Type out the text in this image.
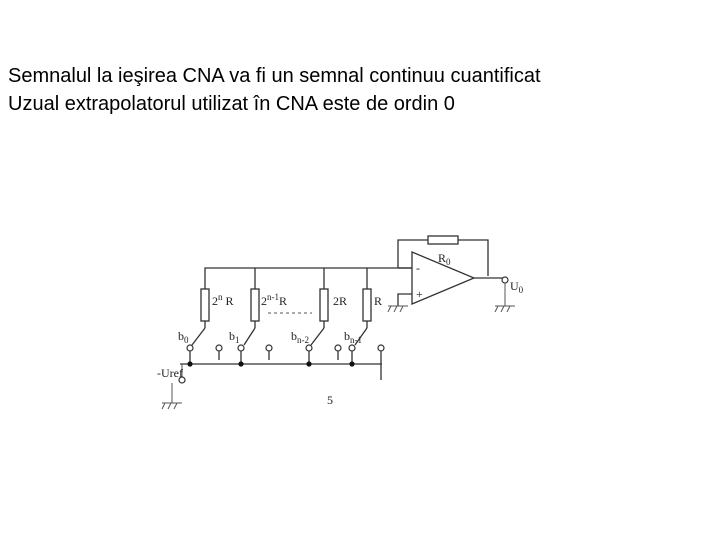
Semnalul la ieşirea CNA va fi un semnal continuu cuantificat
Uzual extrapolatorul utilizat în CNA este de ordin 0
$R_0$
-
+
$U_0$
2$^n$ R 2$^{n-1}$R	2R R
$b_0$	$b_1$	$b_{n-2}$	$b_{n-1}$
-Uref
5
